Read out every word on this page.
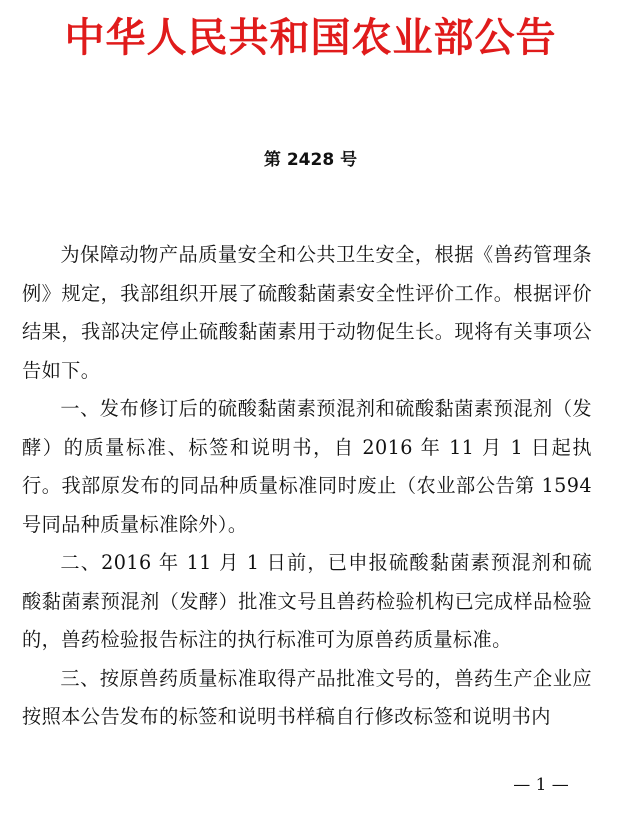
中华人民共和国农业部公告
第 2428 号

为保障动物产品质量安全和公共卫生安全，根据《兽药管理条例》规定，我部组织开展了硫酸黏菌素安全性评价工作。根据评价结果，我部决定停止硫酸黏菌素用于动物促生长。现将有关事项公告如下。

一、发布修订后的硫酸黏菌素预混剂和硫酸黏菌素预混剂（发酵）的质量标准、标签和说明书，自 2016 年 11 月 1 日起执行。我部原发布的同品种质量标准同时废止（农业部公告第 1594 号同品种质量标准除外）。

二、2016 年 11 月 1 日前，已申报硫酸黏菌素预混剂和硫酸黏菌素预混剂（发酵）批准文号且兽药检验机构已完成样品检验的，兽药检验报告标注的执行标准可为原兽药质量标准。

三、按原兽药质量标准取得产品批准文号的，兽药生产企业应按照本公告发布的标签和说明书样稿自行修改标签和说明书内

— 1 —
